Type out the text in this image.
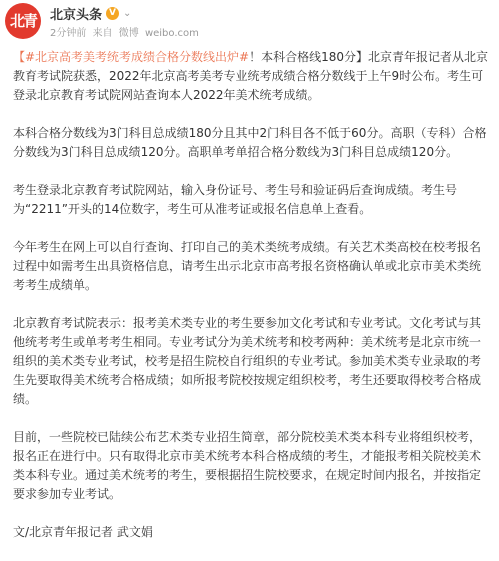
北青	北京头条 V ⌄
2分钟前 来自 微博 weibo.com

【#北京高考美考统考成绩合格分数线出炉#！本科合格线180分】北京青年报记者从北京教育考试院获悉，2022年北京高考美考专业统考成绩合格分数线于上午9时公布。考生可登录北京教育考试院网站查询本人2022年美术统考成绩。

本科合格分数线为3门科目总成绩180分且其中2门科目各不低于60分。高职（专科）合格分数线为3门科目总成绩120分。高职单考单招合格分数线为3门科目总成绩120分。

考生登录北京教育考试院网站，输入身份证号、考生号和验证码后查询成绩。考生号为“2211”开头的14位数字，考生可从准考证或报名信息单上查看。

今年考生在网上可以自行查询、打印自己的美术类统考成绩。有关艺术类高校在校考报名过程中如需考生出具资格信息，请考生出示北京市高考报名资格确认单或北京市美术类统考考生成绩单。

北京教育考试院表示：报考美术类专业的考生要参加文化考试和专业考试。文化考试与其他统考考生或单考考生相同。专业考试分为美术统考和校考两种：美术统考是北京市统一组织的美术类专业考试，校考是招生院校自行组织的专业考试。参加美术类专业录取的考生先要取得美术统考合格成绩；如所报考院校按规定组织校考，考生还要取得校考合格成绩。

目前，一些院校已陆续公布艺术类专业招生简章，部分院校美术类本科专业将组织校考，报名正在进行中。只有取得北京市美术统考本科合格成绩的考生，才能报考相关院校美术类本科专业。通过美术统考的考生，要根据招生院校要求，在规定时间内报名，并按指定要求参加专业考试。

文/北京青年报记者 武文娟
